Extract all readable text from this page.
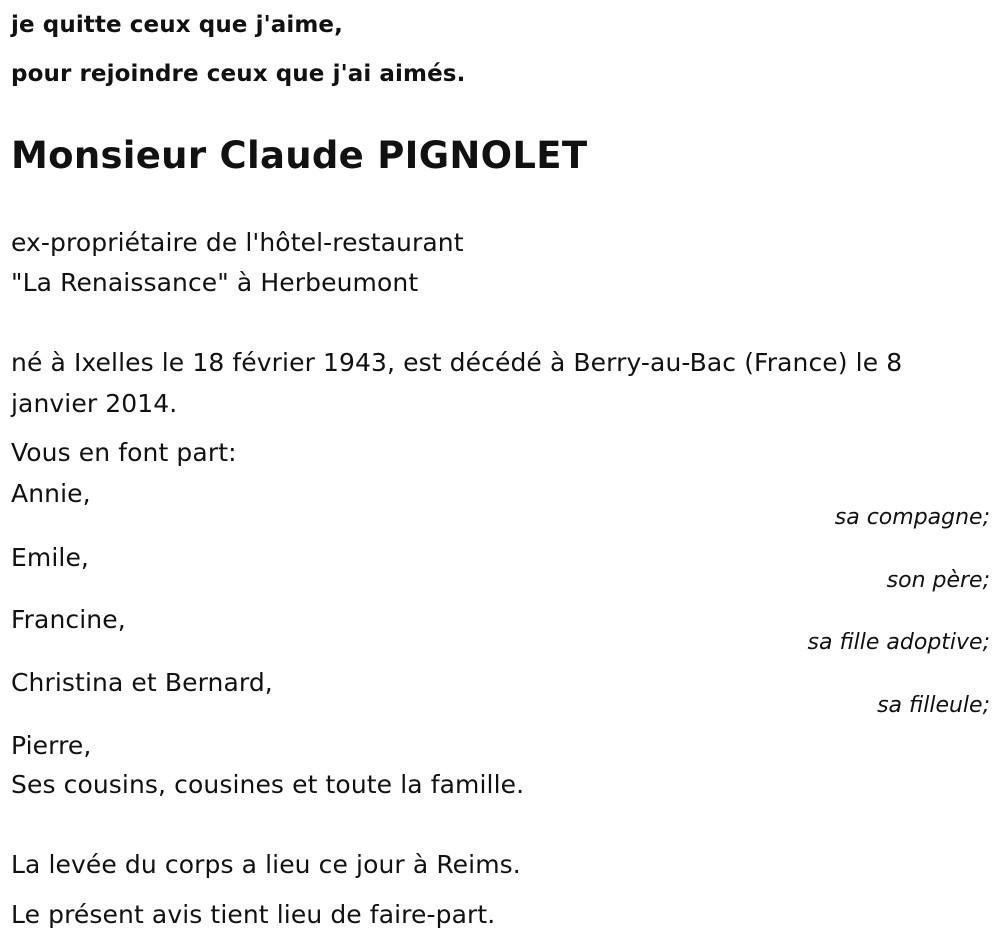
je quitte ceux que j'aime,

pour rejoindre ceux que j'ai aimés.

Monsieur Claude PIGNOLET

ex-propriétaire de l'hôtel-restaurant

"La Renaissance" à Herbeumont

né à Ixelles le 18 février 1943, est décédé à Berry-au-Bac (France) le 8

janvier 2014.

Vous en font part:

Annie,

sa compagne;

Emile,

son père;

Francine,

sa fille adoptive;

Christina et Bernard,

sa filleule;

Pierre,

Ses cousins, cousines et toute la famille.

La levée du corps a lieu ce jour à Reims.

Le présent avis tient lieu de faire-part.
